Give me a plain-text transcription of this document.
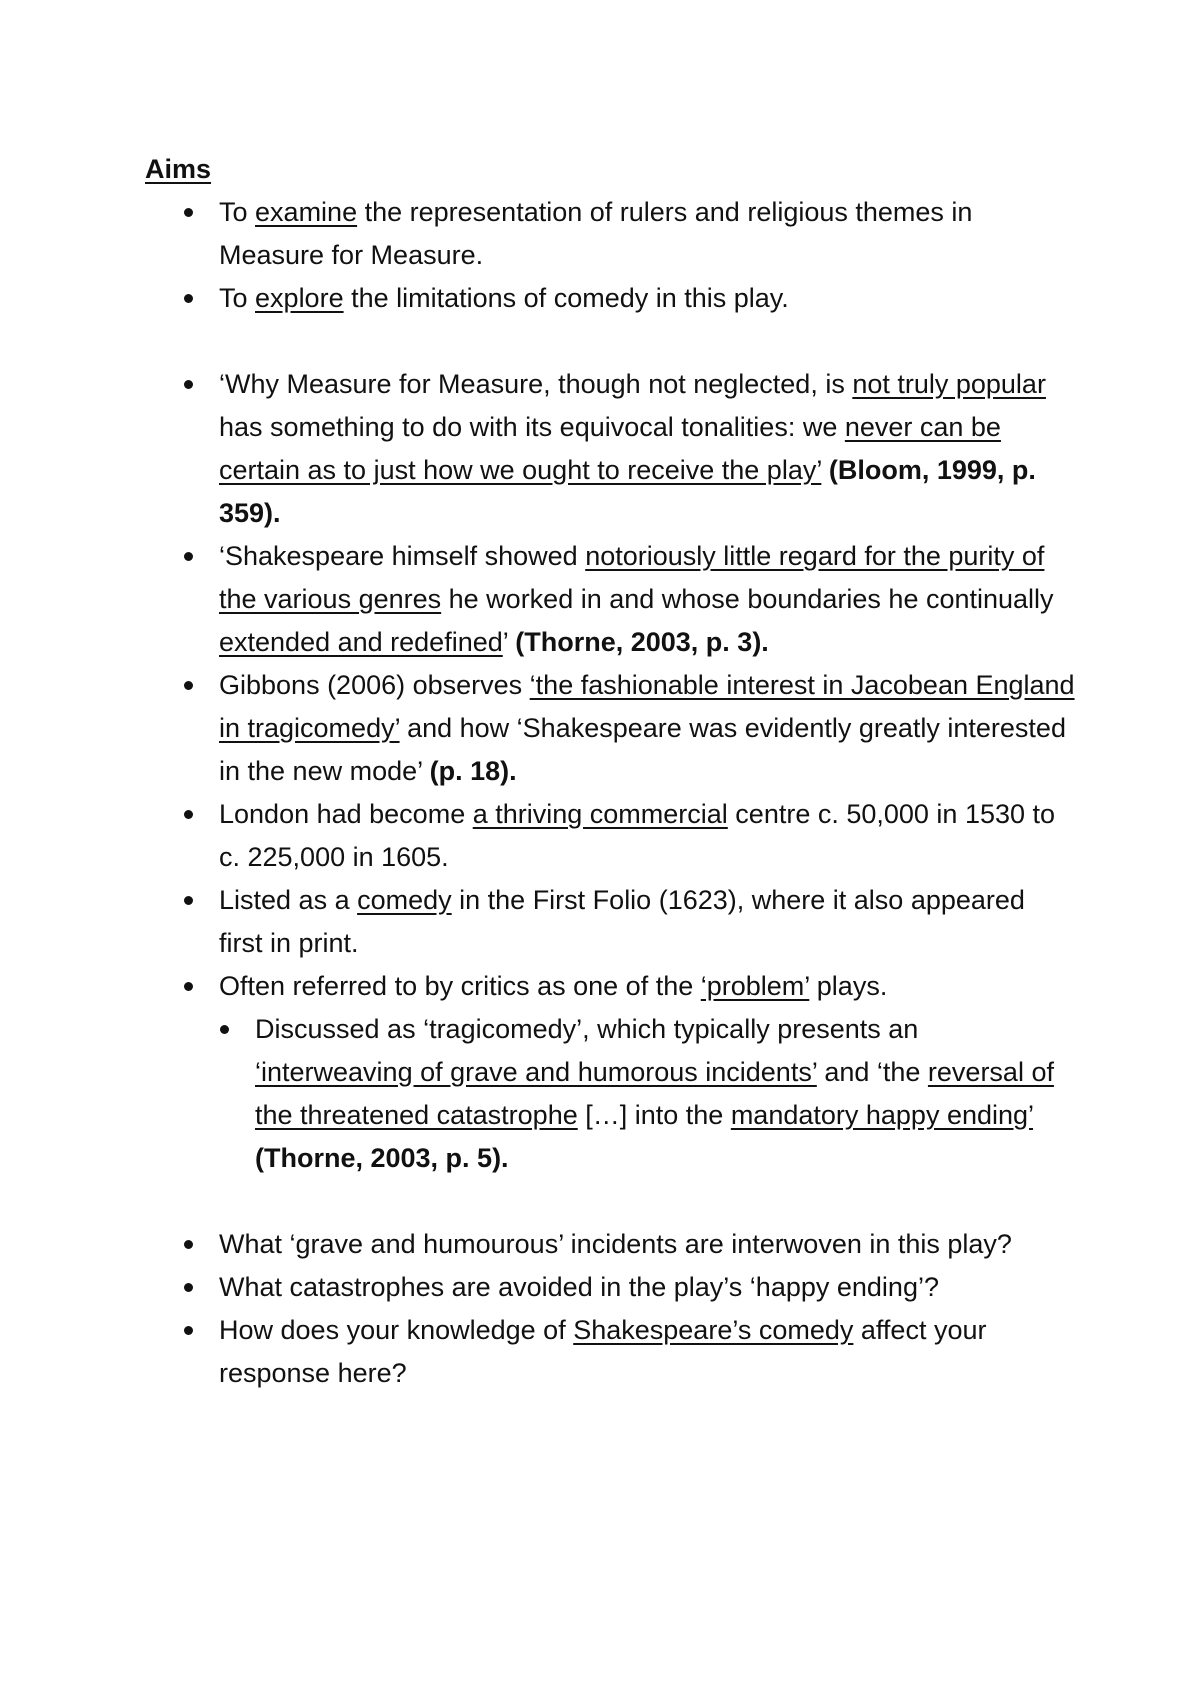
Aims
To examine the representation of rulers and religious themes in Measure for Measure.
To explore the limitations of comedy in this play.
‘Why Measure for Measure, though not neglected, is not truly popular has something to do with its equivocal tonalities: we never can be certain as to just how we ought to receive the play’ (Bloom, 1999, p. 359).
‘Shakespeare himself showed notoriously little regard for the purity of the various genres he worked in and whose boundaries he continually extended and redefined’ (Thorne, 2003, p. 3).
Gibbons (2006) observes ‘the fashionable interest in Jacobean England in tragicomedy’ and how ‘Shakespeare was evidently greatly interested in the new mode’ (p. 18).
London had become a thriving commercial centre c. 50,000 in 1530 to c. 225,000 in 1605.
Listed as a comedy in the First Folio (1623), where it also appeared first in print.
Often referred to by critics as one of the ‘problem’ plays.
Discussed as ‘tragicomedy’, which typically presents an ‘interweaving of grave and humorous incidents’ and ‘the reversal of the threatened catastrophe […] into the mandatory happy ending’ (Thorne, 2003, p. 5).
What ‘grave and humourous’ incidents are interwoven in this play?
What catastrophes are avoided in the play’s ‘happy ending’?
How does your knowledge of Shakespeare’s comedy affect your response here?
